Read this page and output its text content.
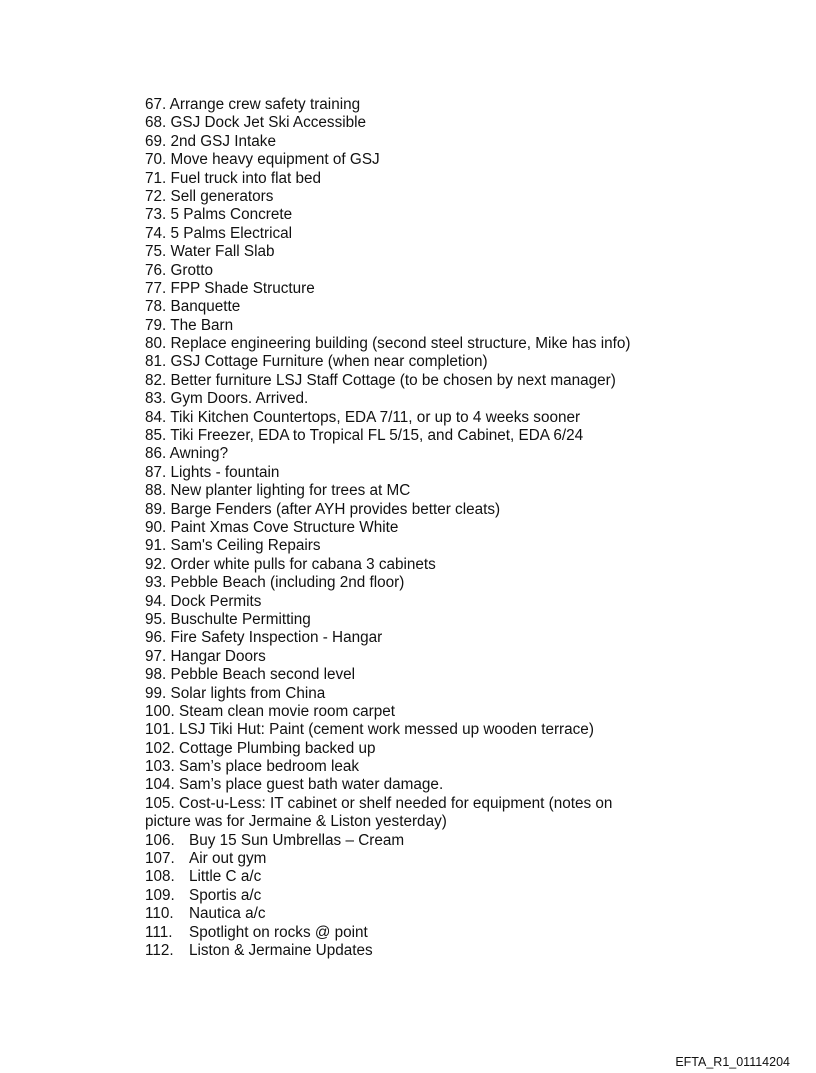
67. Arrange crew safety training
68. GSJ Dock Jet Ski Accessible
69. 2nd GSJ Intake
70. Move heavy equipment of GSJ
71. Fuel truck into flat bed
72. Sell generators
73. 5 Palms Concrete
74. 5 Palms Electrical
75. Water Fall Slab
76. Grotto
77. FPP Shade Structure
78. Banquette
79. The Barn
80. Replace engineering building (second steel structure, Mike has info)
81. GSJ Cottage Furniture (when near completion)
82. Better furniture LSJ Staff Cottage (to be chosen by next manager)
83. Gym Doors. Arrived.
84. Tiki Kitchen Countertops, EDA 7/11, or up to 4 weeks sooner
85. Tiki Freezer, EDA to Tropical FL 5/15, and Cabinet, EDA 6/24
86. Awning?
87. Lights - fountain
88. New planter lighting for trees at MC
89. Barge Fenders (after AYH provides better cleats)
90. Paint Xmas Cove Structure White
91. Sam's Ceiling Repairs
92. Order white pulls for cabana 3 cabinets
93. Pebble Beach (including 2nd floor)
94. Dock Permits
95. Buschulte Permitting
96. Fire Safety Inspection - Hangar
97. Hangar Doors
98. Pebble Beach second level
99. Solar lights from China
100. Steam clean movie room carpet
101. LSJ Tiki Hut: Paint (cement work messed up wooden terrace)
102. Cottage Plumbing backed up
103. Sam’s place bedroom leak
104. Sam’s place guest bath water damage.
105. Cost-u-Less: IT cabinet or shelf needed for equipment (notes on
picture was for Jermaine & Liston yesterday)
106. Buy 15 Sun Umbrellas – Cream
107. Air out gym
108. Little C a/c
109. Sportis a/c
110. Nautica a/c
111. Spotlight on rocks @ point
112. Liston & Jermaine Updates
EFTA_R1_01114204
